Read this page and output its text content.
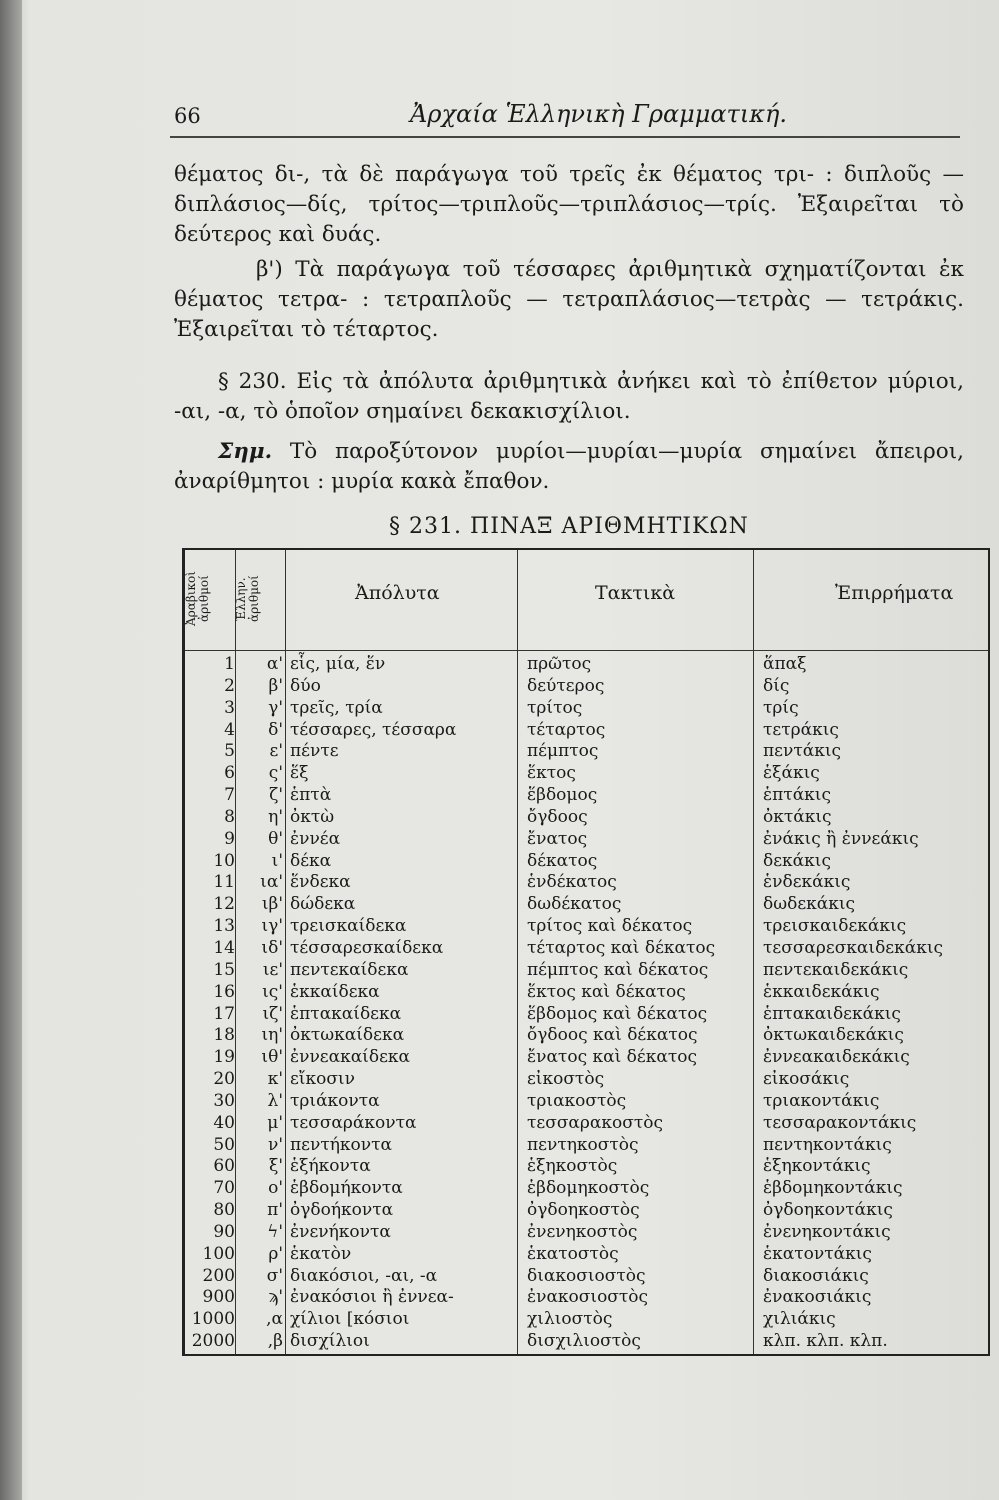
66	Ἀρχαία Ἑλληνικὴ Γραμματική.
θέματος δι-, τὰ δὲ παράγωγα τοῦ τρεῖς ἐκ θέματος τρι- : διπλοῦς —διπλάσιος—δίς, τρίτος—τριπλοῦς—τριπλάσιος—τρίς. Ἐξαιρεῖται τὸ δεύτερος καὶ δυάς.
β') Τὰ παράγωγα τοῦ τέσσαρες ἀριθμητικὰ σχηματίζονται ἐκ θέματος τετρα- : τετραπλοῦς — τετραπλάσιος—τετρὰς — τετράκις. Ἐξαιρεῖται τὸ τέταρτος.
§ 230. Εἰς τὰ ἀπόλυτα ἀριθμητικὰ ἀνήκει καὶ τὸ ἐπίθετον μύριοι, -αι, -α, τὸ ὁποῖον σημαίνει δεκακισχίλιοι.
Σημ. Τὸ παροξύτονον μυρίοι—μυρίαι—μυρία σημαίνει ἄπειροι, ἀναρίθμητοι : μυρία κακὰ ἔπαθον.
§ 231. ΠΙΝΑΞ ΑΡΙΘΜΗΤΙΚΩΝ
Ἀραβικοὶ ἀριθμοί	Ἑλλην. ἀριθμοί	Ἀπόλυτα	Τακτικὰ	Ἐπιρρήματα
1	α' εἷς, μία, ἕν	πρῶτος	ἅπαξ
2	β' δύο	δεύτερος	δίς
3	γ' τρεῖς, τρία	τρίτος	τρίς
4	δ' τέσσαρες, τέσσαρα	τέταρτος	τετράκις
5	ε' πέντε	πέμπτος	πεντάκις
6	ς' ἕξ	ἕκτος	ἑξάκις
7	ζ' ἑπτὰ	ἕβδομος	ἑπτάκις
8	η' ὀκτὼ	ὄγδοος	ὀκτάκις
9	θ' ἐννέα	ἔνατος	ἐνάκις ἢ ἐννεάκις
10	ι' δέκα	δέκατος	δεκάκις
11	ια' ἕνδεκα	ἑνδέκατος	ἑνδεκάκις
12	ιβ' δώδεκα	δωδέκατος	δωδεκάκις
13	ιγ' τρεισκαίδεκα	τρίτος καὶ δέκατος	τρεισκαιδεκάκις
14	ιδ' τέσσαρεσκαίδεκα	τέταρτος καὶ δέκατος	τεσσαρεσκαιδεκάκις
15	ιε' πεντεκαίδεκα	πέμπτος καὶ δέκατος	πεντεκαιδεκάκις
16	ις' ἑκκαίδεκα	ἕκτος καὶ δέκατος	ἑκκαιδεκάκις
17	ιζ' ἑπτακαίδεκα	ἕβδομος καὶ δέκατος	ἑπτακαιδεκάκις
18	ιη' ὀκτωκαίδεκα	ὄγδοος καὶ δέκατος	ὀκτωκαιδεκάκις
19	ιθ' ἐννεακαίδεκα	ἔνατος καὶ δέκατος	ἐννεακαιδεκάκις
20	κ' εἴκοσιν	εἰκοστὸς	εἰκοσάκις
30	λ' τριάκοντα	τριακοστὸς	τριακοντάκις
40	μ' τεσσαράκοντα	τεσσαρακοστὸς	τεσσαρακοντάκις
50	ν' πεντήκοντα	πεντηκοστὸς	πεντηκοντάκις
60	ξ' ἑξήκοντα	ἑξηκοστὸς	ἑξηκοντάκις
70	ο' ἑβδομήκοντα	ἑβδομηκοστὸς	ἑβδομηκοντάκις
80	π' ὀγδοήκοντα	ὀγδοηκοστὸς	ὀγδοηκοντάκις
90	ϟ' ἐνενήκοντα	ἐνενηκοστὸς	ἐνενηκοντάκις
100	ρ' ἑκατὸν	ἑκατοστὸς	ἑκατοντάκις
200	σ' διακόσιοι, -αι, -α	διακοσιοστὸς	διακοσιάκις
900	ϡ' ἐνακόσιοι ἢ ἐννεα-	ἐνακοσιοστὸς	ἐνακοσιάκις
1000	,α χίλιοι [κόσιοι	χιλιοστὸς	χιλιάκις
2000	,β δισχίλιοι	δισχιλιοστὸς	κλπ. κλπ. κλπ.
